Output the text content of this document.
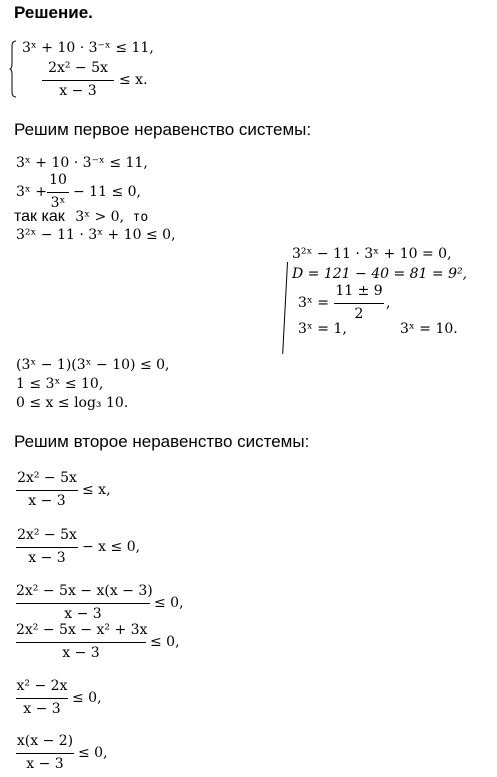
Решение.
3ˣ + 10 · 3⁻ˣ ≤ 11,
2x² − 5x
x − 3
≤ x.
Решим первое неравенство системы:
3ˣ + 10 · 3⁻ˣ ≤ 11,
3ˣ +
10
3ˣ
− 11 ≤ 0,
так как 3ˣ > 0, то
3²ˣ − 11 · 3ˣ + 10 ≤ 0,
3²ˣ − 11 · 3ˣ + 10 = 0,
D = 121 − 40 = 81 = 9²,
3ˣ =
11 ± 9
2
,
3ˣ = 1,	3ˣ = 10.
(3ˣ − 1)(3ˣ − 10) ≤ 0,
1 ≤ 3ˣ ≤ 10,
0 ≤ x ≤ log₃ 10.
Решим второе неравенство системы:
2x² − 5x
x − 3
≤ x,
2x² − 5x
x − 3
− x ≤ 0,
2x² − 5x − x(x − 3)
x − 3
≤ 0,
2x² − 5x − x² + 3x
x − 3
≤ 0,
x² − 2x
x − 3
≤ 0,
x(x − 2)
x − 3
≤ 0,
